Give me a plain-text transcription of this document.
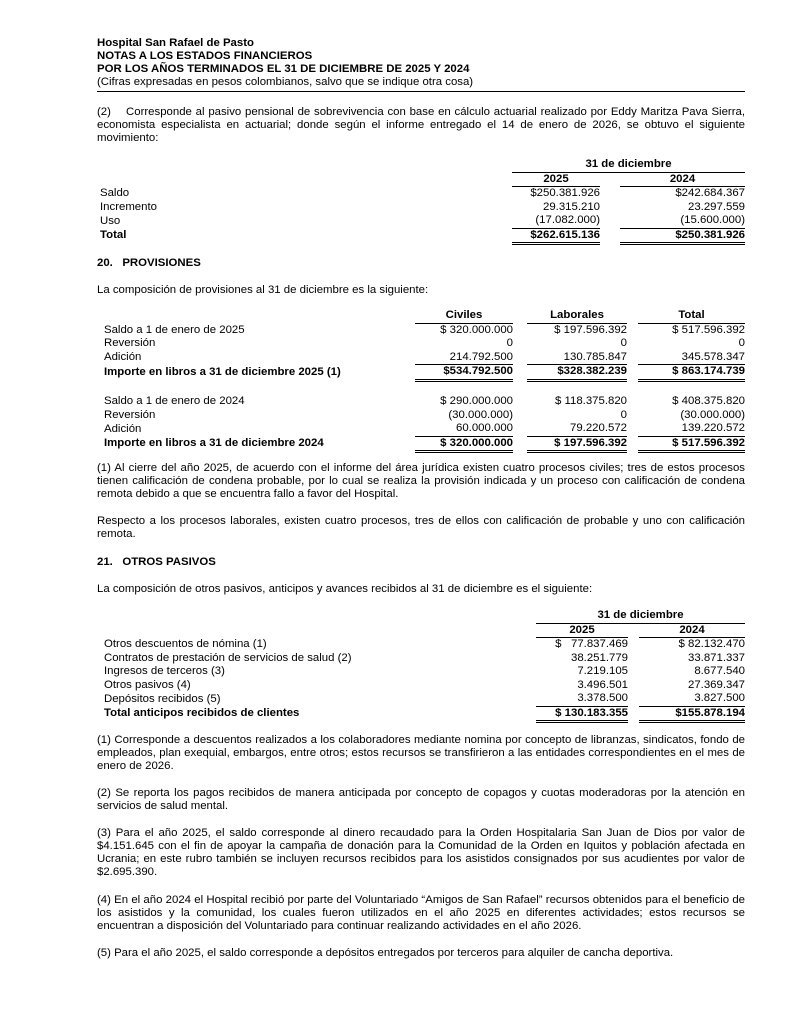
Hospital San Rafael de Pasto
NOTAS A LOS ESTADOS FINANCIEROS
POR LOS AÑOS TERMINADOS EL 31 DE DICIEMBRE DE 2025 Y 2024
(Cifras expresadas en pesos colombianos, salvo que se indique otra cosa)
(2)    Corresponde al pasivo pensional de sobrevivencia con base en cálculo actuarial realizado por Eddy Maritza Pava Sierra, economista especialista en actuarial; donde según el informe entregado el 14 de enero de 2026, se obtuvo el siguiente movimiento:
	31 de diciembre		
	2025		2024
Saldo	$250.381.926		$242.684.367
Incremento	29.315.210		23.297.559
Uso	(17.082.000)		(15.600.000)
Total	$262.615.136		$250.381.926
20.   PROVISIONES
La composición de provisiones al 31 de diciembre es la siguiente:
	Civiles		Laborales		Total
Saldo a 1 de enero de 2025	$ 320.000.000		$ 197.596.392		$ 517.596.392
Reversión	0		0		0
Adición	214.792.500		130.785.847		345.578.347
Importe en libros a 31 de diciembre 2025 (1)	$534.792.500		$328.382.239		$ 863.174.739

Saldo a 1 de enero de 2024	$ 290.000.000		$ 118.375.820		$ 408.375.820
Reversión	(30.000.000)		0		(30.000.000)
Adición	60.000.000		79.220.572		139.220.572
Importe en libros a 31 de diciembre 2024	$ 320.000.000		$ 197.596.392		$ 517.596.392
(1) Al cierre del año 2025, de acuerdo con el informe del área jurídica existen cuatro procesos civiles; tres de estos procesos tienen calificación de condena probable, por lo cual se realiza la provisión indicada y un proceso con calificación de condena remota debido a que se encuentra fallo a favor del Hospital.
Respecto a los procesos laborales, existen cuatro procesos, tres de ellos con calificación de probable y uno con calificación remota.
21.   OTROS PASIVOS
La composición de otros pasivos, anticipos y avances recibidos al 31 de diciembre es el siguiente:
	31 de diciembre		
	2025		2024
Otros descuentos de nómina (1)	$   77.837.469		$ 82.132.470
Contratos de prestación de servicios de salud (2)	38.251.779		33.871.337
Ingresos de terceros (3)	7.219.105		8.677.540
Otros pasivos (4)	3.496.501		27.369.347
Depósitos recibidos (5)	3.378.500		3.827.500
Total anticipos recibidos de clientes	$ 130.183.355		$155.878.194
(1) Corresponde a descuentos realizados a los colaboradores mediante nomina por concepto de libranzas, sindicatos, fondo de empleados, plan exequial, embargos, entre otros; estos recursos se transfirieron a las entidades correspondientes en el mes de enero de 2026.
(2) Se reporta los pagos recibidos de manera anticipada por concepto de copagos y cuotas moderadoras por la atención en servicios de salud mental.
(3) Para el año 2025, el saldo corresponde al dinero recaudado para la Orden Hospitalaria San Juan de Dios por valor de $4.151.645 con el fin de apoyar la campaña de donación para la Comunidad de la Orden en Iquitos y población afectada en Ucrania; en este rubro también se incluyen recursos recibidos para los asistidos consignados por sus acudientes por valor de $2.695.390.
(4) En el año 2024 el Hospital recibió por parte del Voluntariado “Amigos de San Rafael” recursos obtenidos para el beneficio de los asistidos y la comunidad, los cuales fueron utilizados en el año 2025 en diferentes actividades; estos recursos se encuentran a disposición del Voluntariado para continuar realizando actividades en el año 2026.
(5) Para el año 2025, el saldo corresponde a depósitos entregados por terceros para alquiler de cancha deportiva.
